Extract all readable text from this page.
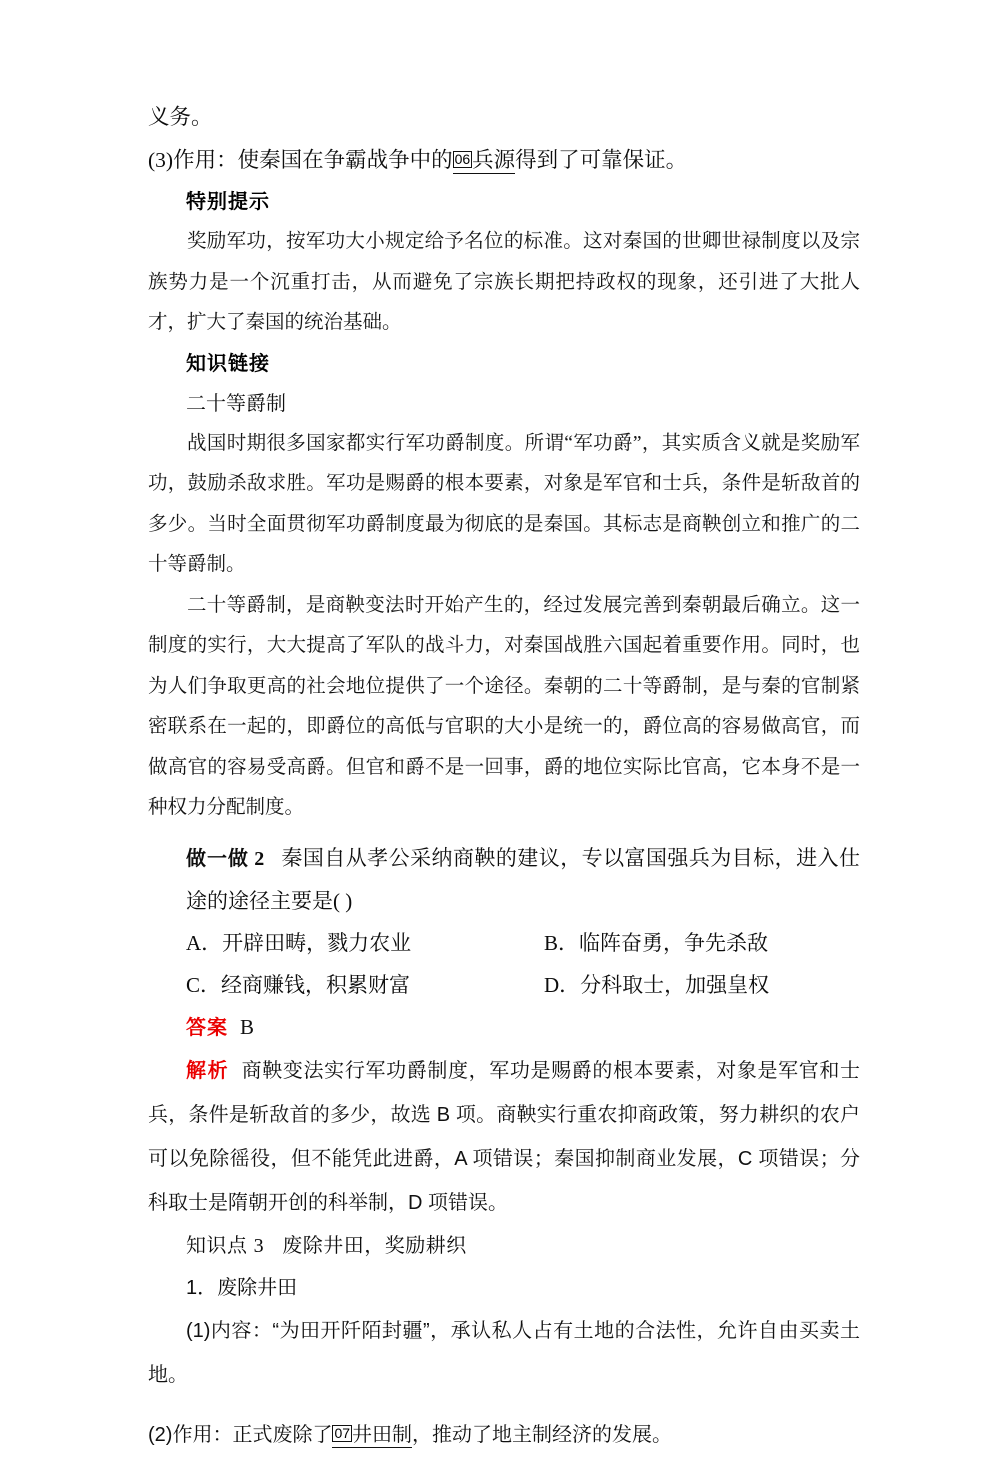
义务。

(3)作用：使秦国在争霸战争中的 06兵源得到了可靠保证。

特别提示

奖励军功，按军功大小规定给予名位的标准。这对秦国的世卿世禄制度以及宗族势力是一个沉重打击，从而避免了宗族长期把持政权的现象，还引进了大批人才，扩大了秦国的统治基础。

知识链接

二十等爵制

战国时期很多国家都实行军功爵制度。所谓“军功爵”，其实质含义就是奖励军功，鼓励杀敌求胜。军功是赐爵的根本要素，对象是军官和士兵，条件是斩敌首的多少。当时全面贯彻军功爵制度最为彻底的是秦国。其标志是商鞅创立和推广的二十等爵制。

二十等爵制，是商鞅变法时开始产生的，经过发展完善到秦朝最后确立。这一制度的实行，大大提高了军队的战斗力，对秦国战胜六国起着重要作用。同时，也为人们争取更高的社会地位提供了一个途径。秦朝的二十等爵制，是与秦的官制紧密联系在一起的，即爵位的高低与官职的大小是统一的，爵位高的容易做高官，而做高官的容易受高爵。但官和爵不是一回事，爵的地位实际比官高，它本身不是一种权力分配制度。

做一做 2 秦国自从孝公采纳商鞅的建议，专以富国强兵为目标，进入仕途的途径主要是( )

A．开辟田畴，戮力农业	B．临阵奋勇，争先杀敌
C．经商赚钱，积累财富	D．分科取士，加强皇权

答案 B

解析 商鞅变法实行军功爵制度，军功是赐爵的根本要素，对象是军官和士兵，条件是斩敌首的多少，故选 B 项。商鞅实行重农抑商政策，努力耕织的农户可以免除徭役，但不能凭此进爵，A 项错误；秦国抑制商业发展，C 项错误；分科取士是隋朝开创的科举制，D 项错误。

知识点 3 废除井田，奖励耕织

1．废除井田

(1)内容：“为田开阡陌封疆”，承认私人占有土地的合法性，允许自由买卖土地。

(2)作用：正式废除了 07 井田制，推动了地主制经济的发展。
